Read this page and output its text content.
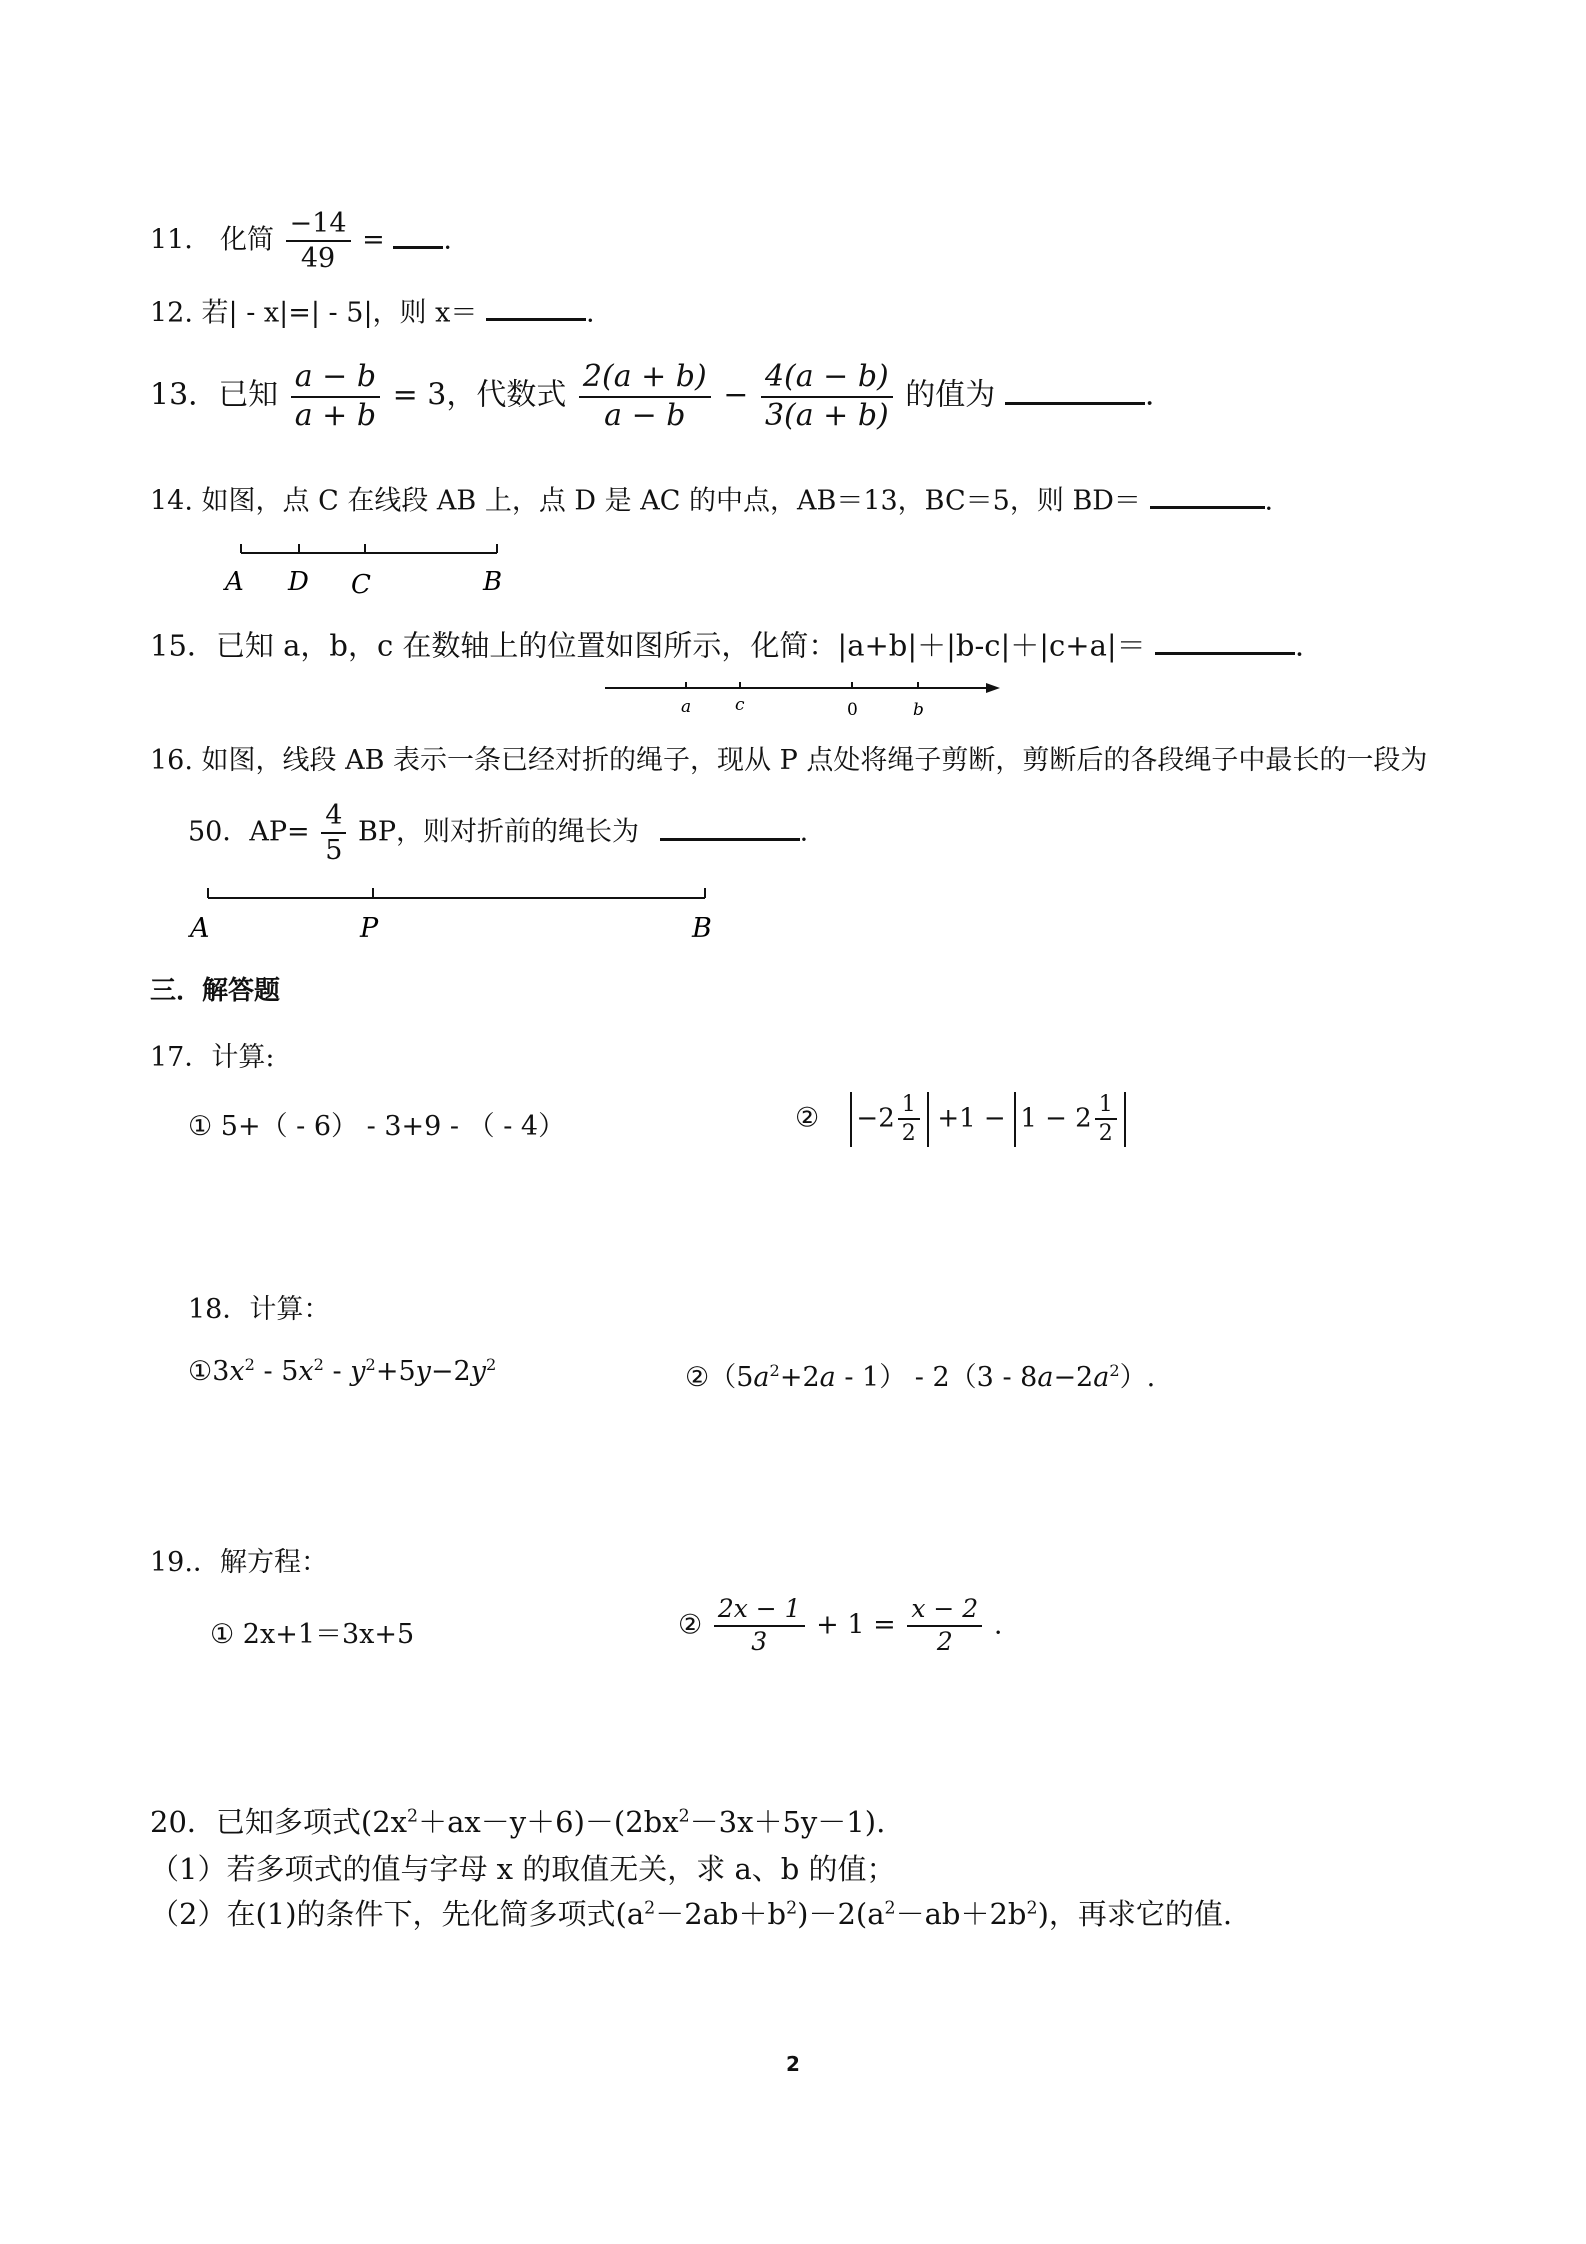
11． 化简 $\frac{-14}{49}$ = .
12. 若| - x|=| - 5|，则 x＝	.
13．已知 $\frac{a - b}{a + b} = 3$，代数式 $\frac{2(a + b)}{a - b} - \frac{4(a - b)}{3(a + b)}$ 的值为	.
14. 如图，点 C 在线段 AB 上，点 D 是 AC 的中点，AB＝13，BC＝5，则 BD＝	.
A D C	B
15．已知 a，b，c 在数轴上的位置如图所示，化简：|a+b|＋|b-c|＋|c+a|＝	.
a	c	0	b
16. 如图，线段 AB 表示一条已经对折的绳子，现从 P 点处将绳子剪断，剪断后的各段绳子中最长的一段为
50．$AP= \frac{4}{5}$ BP，则对折前的绳长为	.
A	P	B
三．解答题
17．计算:
① 5+（ - 6） - 3+9 - （ - 4）	② $-2 \frac{1}{2} +1 - 1 - 2 \frac{1}{2}$
18．计算：
$①3x^2 - 5x^2 - y^2+5y-2y^2$	$②(5a^2+2a - 1) - 2(3 - 8a-2a^2)$.
19.．解方程：
① 2x+1＝3x+5	② $\frac{2x - 1}{3} + 1 = \frac{x - 2}{2}$ .
20．已知多项式$(2x^2+ax-y+6)-(2bx^2-3x+5y-1)$.
（1）若多项式的值与字母 x 的取值无关，求 a、b 的值；
（2）在(1)的条件下，先化简多项式$(a^2-2ab+b^2)-2(a^2-ab+2b^2)$，再求它的值.
2
